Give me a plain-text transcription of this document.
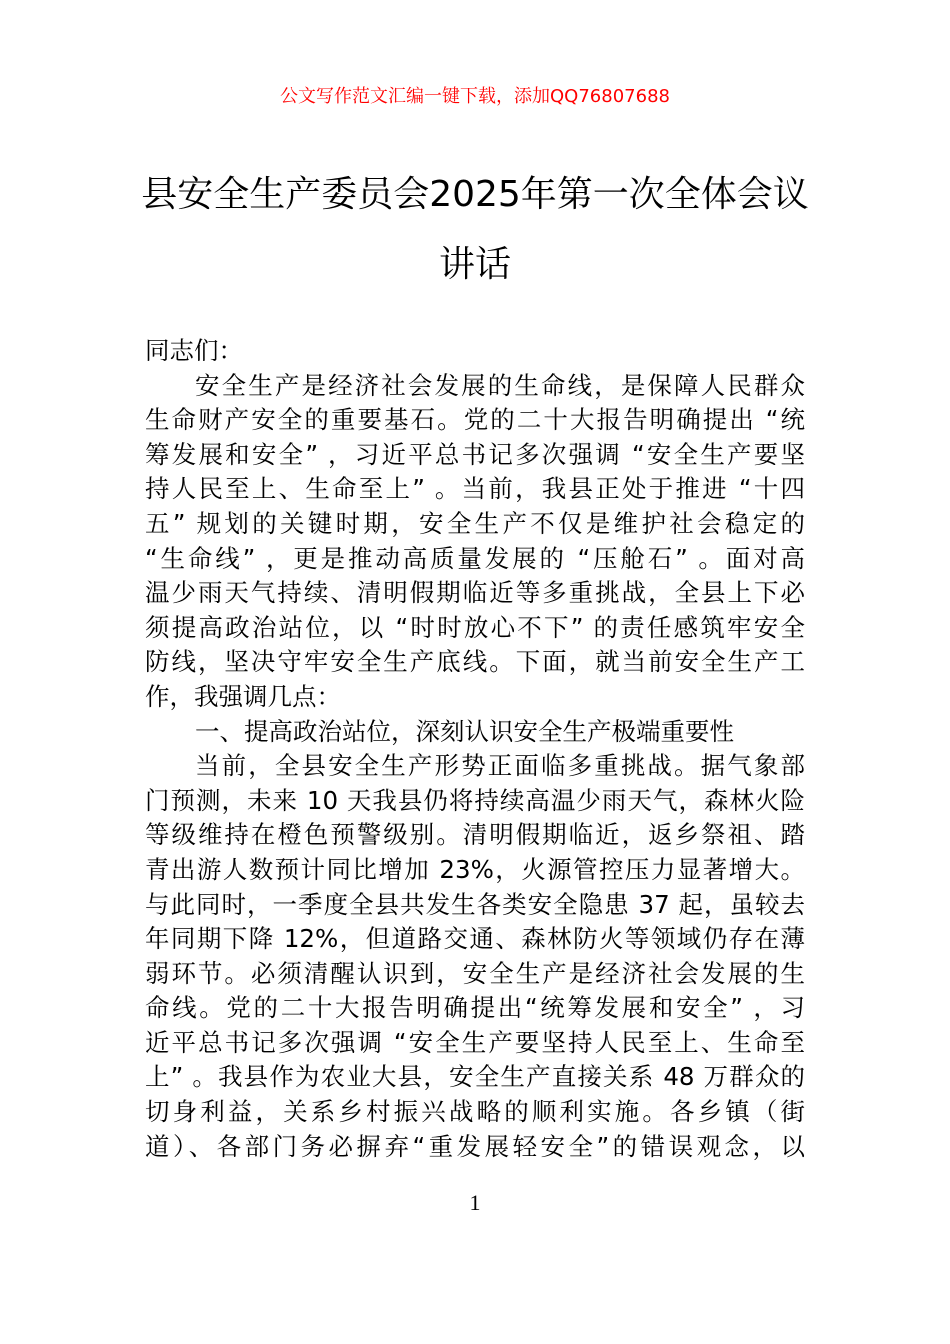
公文写作范文汇编一键下载，添加QQ76807688
县安全生产委员会2025年第一次全体会议
讲话
同志们：
安全生产是经济社会发展的生命线，是保障人民群众
生命财产安全的重要基石。党的二十大报告明确提出 “统
筹发展和安全” ，习近平总书记多次强调 “安全生产要坚
持人民至上、生命至上” 。当前，我县正处于推进 “十四
五” 规划的关键时期，安全生产不仅是维护社会稳定的
“生命线” ，更是推动高质量发展的 “压舱石” 。面对高
温少雨天气持续、清明假期临近等多重挑战，全县上下必
须提高政治站位，以 “时时放心不下” 的责任感筑牢安全
防线，坚决守牢安全生产底线。下面，就当前安全生产工
作，我强调几点：
一、提高政治站位，深刻认识安全生产极端重要性
当前，全县安全生产形势正面临多重挑战。据气象部
门预测，未来 10 天我县仍将持续高温少雨天气，森林火险
等级维持在橙色预警级别。清明假期临近，返乡祭祖、踏
青出游人数预计同比增加 23%，火源管控压力显著增大。
与此同时，一季度全县共发生各类安全隐患 37 起，虽较去
年同期下降 12%，但道路交通、森林防火等领域仍存在薄
弱环节。必须清醒认识到，安全生产是经济社会发展的生
命线。党的二十大报告明确提出“统筹发展和安全” ，习
近平总书记多次强调 “安全生产要坚持人民至上、生命至
上” 。我县作为农业大县，安全生产直接关系 48 万群众的
切身利益，关系乡村振兴战略的顺利实施。各乡镇（街
道）、各部门务必摒弃“重发展轻安全”的错误观念，以
1
